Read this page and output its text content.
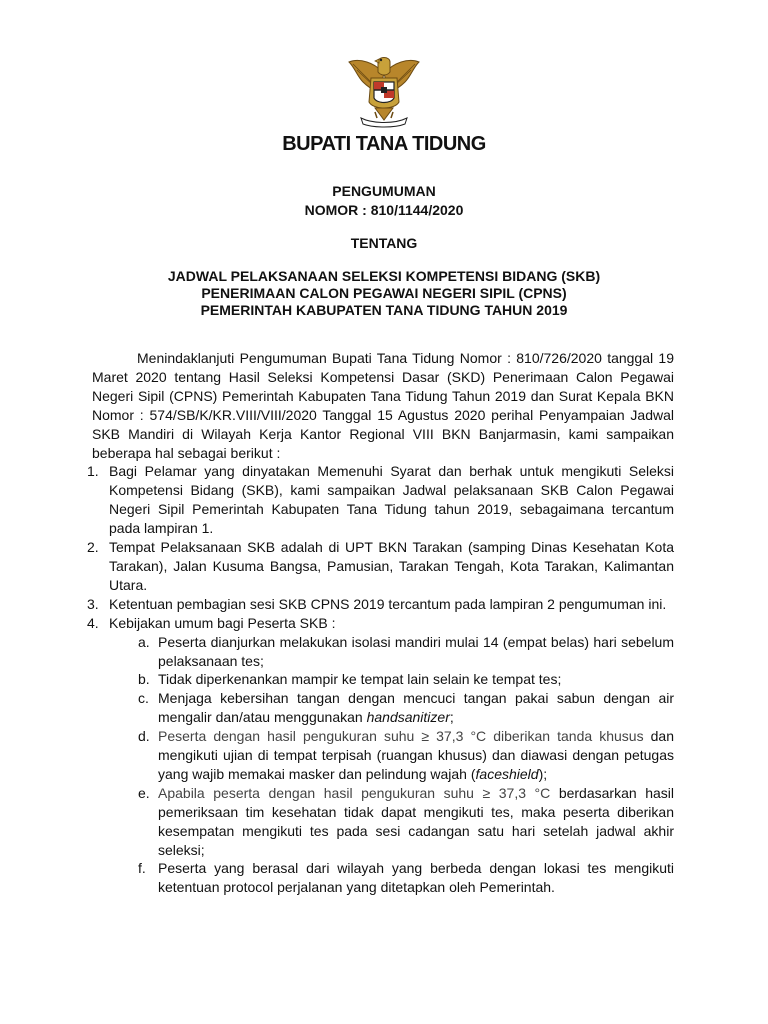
BUPATI TANA TIDUNG
PENGUMUMAN
NOMOR : 810/1144/2020
TENTANG
JADWAL PELAKSANAAN SELEKSI KOMPETENSI BIDANG (SKB)
PENERIMAAN CALON PEGAWAI NEGERI SIPIL (CPNS)
PEMERINTAH KABUPATEN TANA TIDUNG TAHUN 2019

Menindaklanjuti Pengumuman Bupati Tana Tidung Nomor : 810/726/2020 tanggal 19 Maret 2020 tentang Hasil Seleksi Kompetensi Dasar (SKD) Penerimaan Calon Pegawai Negeri Sipil (CPNS) Pemerintah Kabupaten Tana Tidung Tahun 2019 dan Surat Kepala BKN Nomor : 574/SB/K/KR.VIII/VIII/2020 Tanggal 15 Agustus 2020 perihal Penyampaian Jadwal SKB Mandiri di Wilayah Kerja Kantor Regional VIII BKN Banjarmasin, kami sampaikan beberapa hal sebagai berikut :

1. Bagi Pelamar yang dinyatakan Memenuhi Syarat dan berhak untuk mengikuti Seleksi Kompetensi Bidang (SKB), kami sampaikan Jadwal pelaksanaan SKB Calon Pegawai Negeri Sipil Pemerintah Kabupaten Tana Tidung tahun 2019, sebagaimana tercantum pada lampiran 1.
2. Tempat Pelaksanaan SKB adalah di UPT BKN Tarakan (samping Dinas Kesehatan Kota Tarakan), Jalan Kusuma Bangsa, Pamusian, Tarakan Tengah, Kota Tarakan, Kalimantan Utara.
3. Ketentuan pembagian sesi SKB CPNS 2019 tercantum pada lampiran 2 pengumuman ini.
4. Kebijakan umum bagi Peserta SKB :
a. Peserta dianjurkan melakukan isolasi mandiri mulai 14 (empat belas) hari sebelum pelaksanaan tes;
b. Tidak diperkenankan mampir ke tempat lain selain ke tempat tes;
c. Menjaga kebersihan tangan dengan mencuci tangan pakai sabun dengan air mengalir dan/atau menggunakan handsanitizer;
d. Peserta dengan hasil pengukuran suhu ≥ 37,3 °C diberikan tanda khusus dan mengikuti ujian di tempat terpisah (ruangan khusus) dan diawasi dengan petugas yang wajib memakai masker dan pelindung wajah (faceshield);
e. Apabila peserta dengan hasil pengukuran suhu ≥ 37,3 °C berdasarkan hasil pemeriksaan tim kesehatan tidak dapat mengikuti tes, maka peserta diberikan kesempatan mengikuti tes pada sesi cadangan satu hari setelah jadwal akhir seleksi;
f. Peserta yang berasal dari wilayah yang berbeda dengan lokasi tes mengikuti ketentuan protocol perjalanan yang ditetapkan oleh Pemerintah.
